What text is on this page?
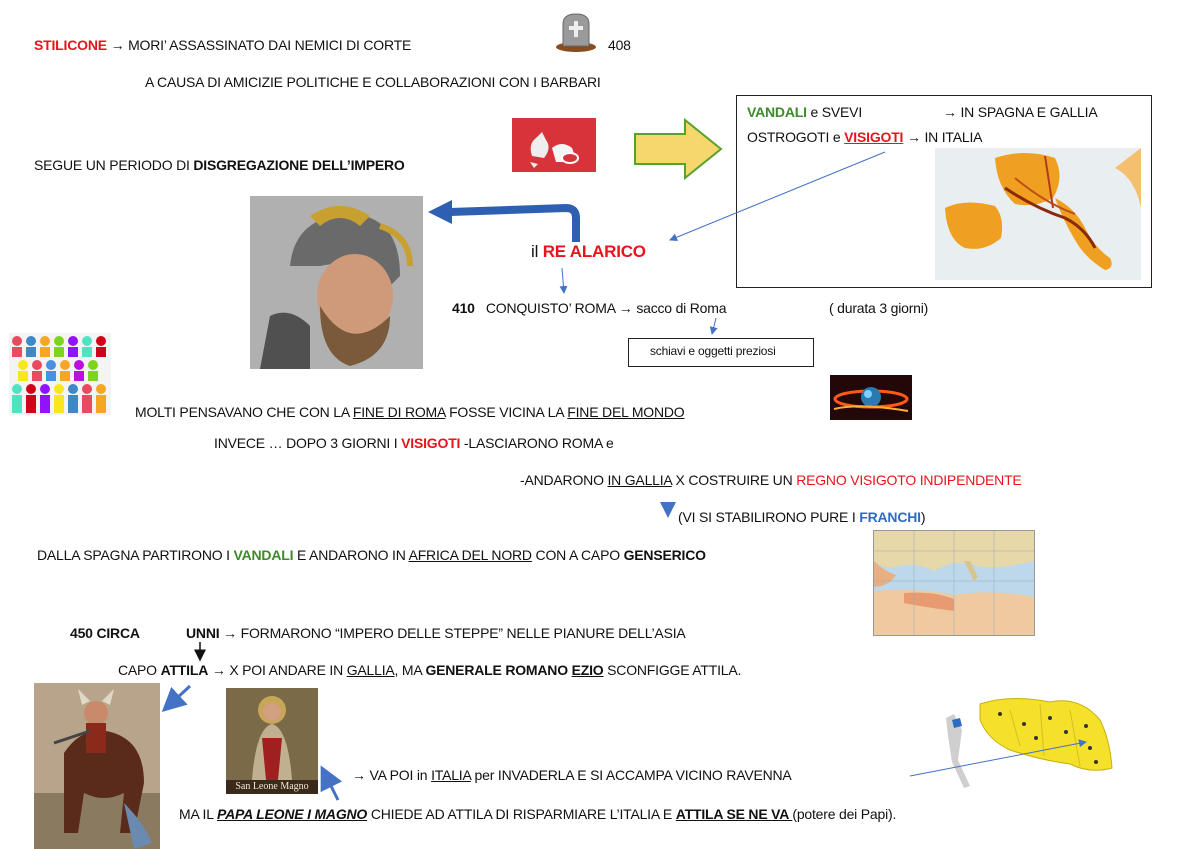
STILICONE → MORI’ ASSASSINATO DAI NEMICI DI CORTE	408
A CAUSA DI AMICIZIE POLITICHE E COLLABORAZIONI CON I BARBARI
SEGUE UN PERIODO DI DISGREGAZIONE DELL’IMPERO
VANDALI e SVEVI	→ IN SPAGNA E GALLIA
OSTROGOTI e VISIGOTI → IN ITALIA
il RE ALARICO
410 CONQUISTO’ ROMA → sacco di Roma	( durata 3 giorni)
schiavi e oggetti preziosi
MOLTI PENSAVANO CHE CON LA FINE DI ROMA FOSSE VICINA LA FINE DEL MONDO
INVECE … DOPO 3 GIORNI I VISIGOTI -LASCIARONO ROMA e
-ANDARONO IN GALLIA X COSTRUIRE UN REGNO VISIGOTO INDIPENDENTE
(VI SI STABILIRONO PURE I FRANCHI)
DALLA SPAGNA PARTIRONO I VANDALI E ANDARONO IN AFRICA DEL NORD CON A CAPO GENSERICO
450 CIRCA	UNNI → FORMARONO “IMPERO DELLE STEPPE” NELLE PIANURE DELL’ASIA
CAPO ATTILA → X POI ANDARE IN GALLIA, MA GENERALE ROMANO EZIO SCONFIGGE ATTILA.
San Leone Magno
→ VA POI in ITALIA per INVADERLA E SI ACCAMPA VICINO RAVENNA
MA IL PAPA LEONE I MAGNO CHIEDE AD ATTILA DI RISPARMIARE L’ITALIA E ATTILA SE NE VA (potere dei Papi).
